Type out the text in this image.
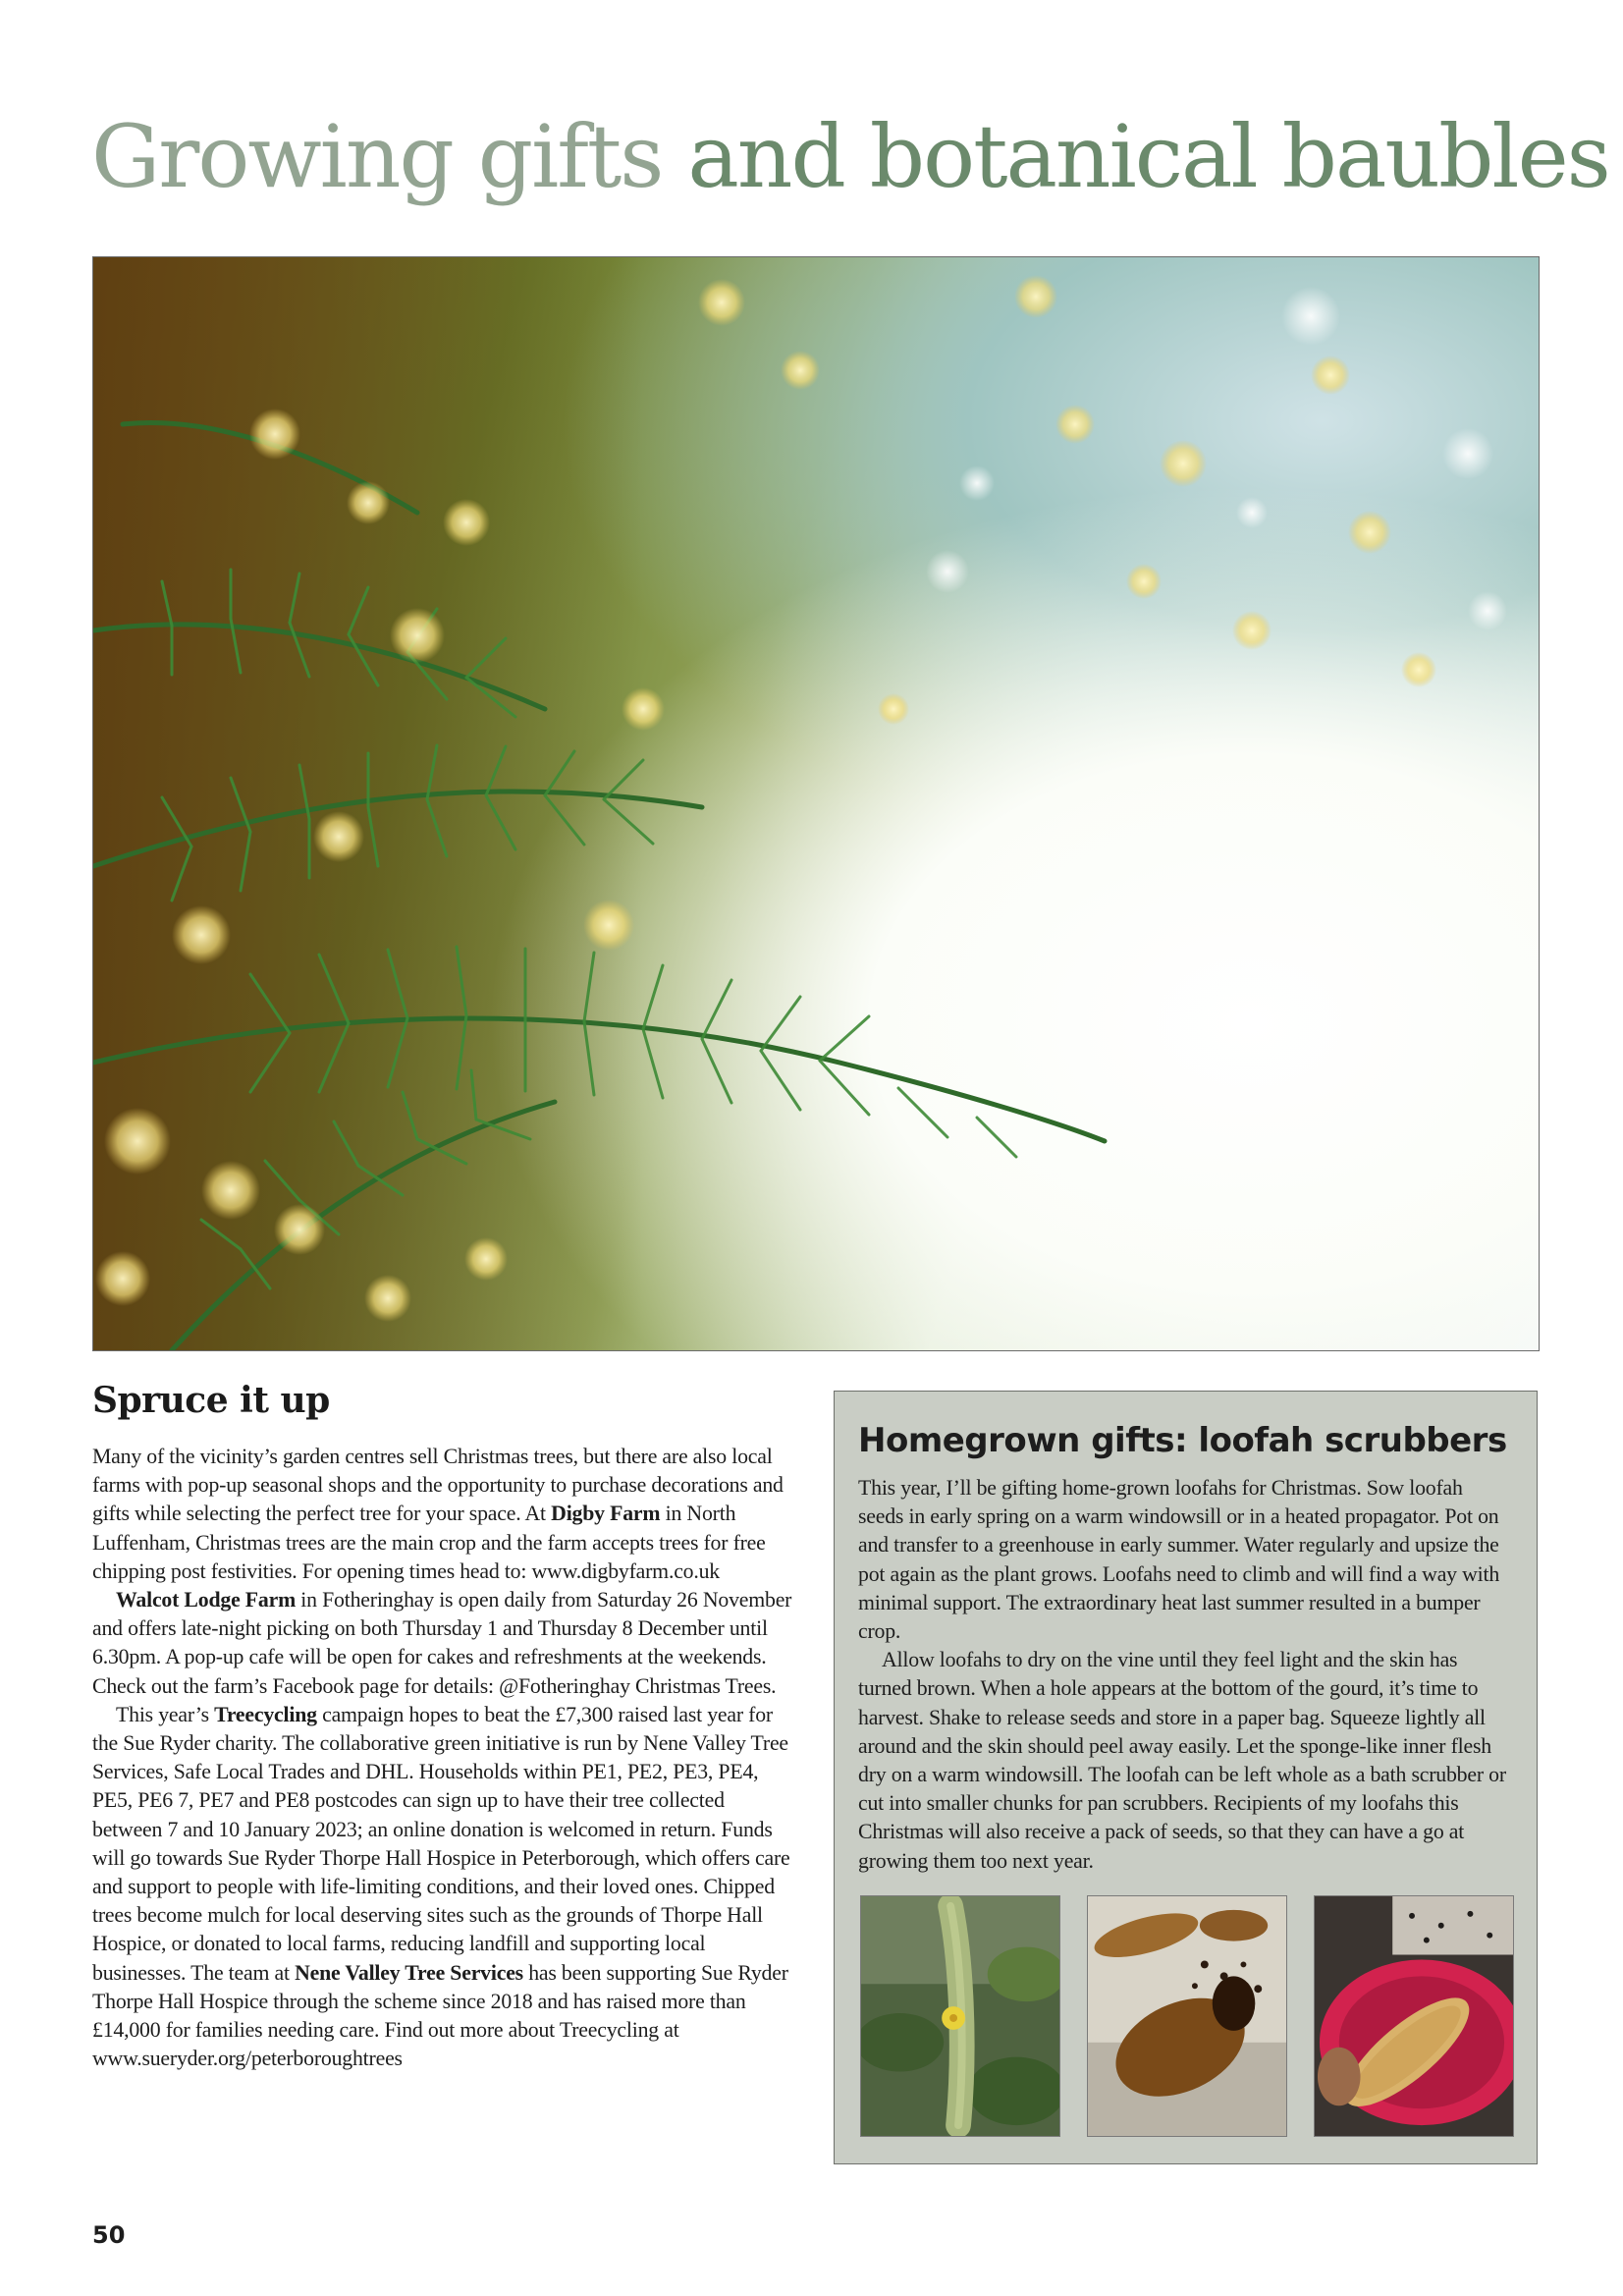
Growing gifts and botanical baubles
Spruce it up

Many of the vicinity’s garden centres sell Christmas trees, but there are also local farms with pop-up seasonal shops and the opportunity to purchase decorations and gifts while selecting the perfect tree for your space. At Digby Farm in North Luffenham, Christmas trees are the main crop and the farm accepts trees for free chipping post festivities. For opening times head to: www.digbyfarm.co.uk

Walcot Lodge Farm in Fotheringhay is open daily from Saturday 26 November and offers late-night picking on both Thursday 1 and Thursday 8 December until 6.30pm. A pop-up cafe will be open for cakes and refreshments at the weekends. Check out the farm’s Facebook page for details: @Fotheringhay Christmas Trees.

This year’s Treecycling campaign hopes to beat the £7,300 raised last year for the Sue Ryder charity. The collaborative green initiative is run by Nene Valley Tree Services, Safe Local Trades and DHL. Households within PE1, PE2, PE3, PE4, PE5, PE6 7, PE7 and PE8 postcodes can sign up to have their tree collected between 7 and 10 January 2023; an online donation is welcomed in return. Funds will go towards Sue Ryder Thorpe Hall Hospice in Peterborough, which offers care and support to people with life-limiting conditions, and their loved ones. Chipped trees become mulch for local deserving sites such as the grounds of Thorpe Hall Hospice, or donated to local farms, reducing landfill and supporting local businesses. The team at Nene Valley Tree Services has been supporting Sue Ryder Thorpe Hall Hospice through the scheme since 2018 and has raised more than £14,000 for families needing care. Find out more about Treecycling at www.sueryder.org/peterboroughtrees

Homegrown gifts: loofah scrubbers

This year, I’ll be gifting home-grown loofahs for Christmas. Sow loofah seeds in early spring on a warm windowsill or in a heated propagator. Pot on and transfer to a greenhouse in early summer. Water regularly and upsize the pot again as the plant grows. Loofahs need to climb and will find a way with minimal support. The extraordinary heat last summer resulted in a bumper crop.

Allow loofahs to dry on the vine until they feel light and the skin has turned brown. When a hole appears at the bottom of the gourd, it’s time to harvest. Shake to release seeds and store in a paper bag. Squeeze lightly all around and the skin should peel away easily. Let the sponge-like inner flesh dry on a warm windowsill. The loofah can be left whole as a bath scrubber or cut into smaller chunks for pan scrubbers. Recipients of my loofahs this Christmas will also receive a pack of seeds, so that they can have a go at growing them too next year.

50
